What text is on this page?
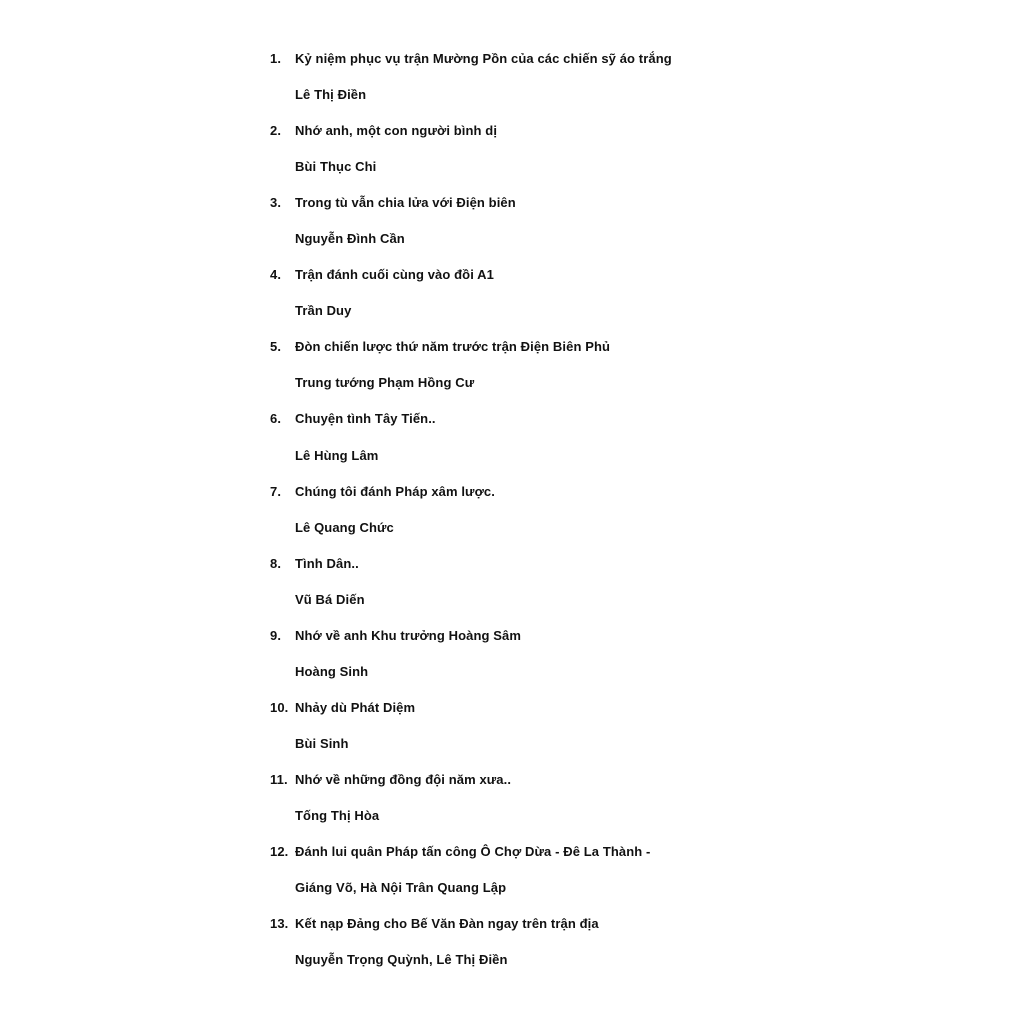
1. Kỷ niệm phục vụ trận Mường Pồn của các chiến sỹ áo trắng
Lê Thị Điền
2. Nhớ anh, một con người bình dị
Bùi Thục Chi
3. Trong tù vẫn chia lửa với Điện biên
Nguyễn Đình Cần
4. Trận đánh cuối cùng vào đồi A1
Trần Duy
5. Đòn chiến lược thứ năm trước trận Điện Biên Phủ
Trung tướng Phạm Hồng Cư
6. Chuyện tình Tây Tiến..
Lê Hùng Lâm
7. Chúng tôi đánh Pháp xâm lược.
Lê Quang Chức
8. Tình Dân..
Vũ Bá Diến
9. Nhớ về anh Khu trưởng Hoàng Sâm
Hoàng Sinh
10. Nhảy dù Phát Diệm
Bùi Sinh
11. Nhớ về những đồng đội năm xưa..
Tống Thị Hòa
12. Đánh lui quân Pháp tấn công Ô Chợ Dừa - Đê La Thành -
Giáng Võ, Hà Nội Trân Quang Lập
13. Kết nạp Đảng cho Bế Văn Đàn ngay trên trận địa
Nguyễn Trọng Quỳnh, Lê Thị Điền
